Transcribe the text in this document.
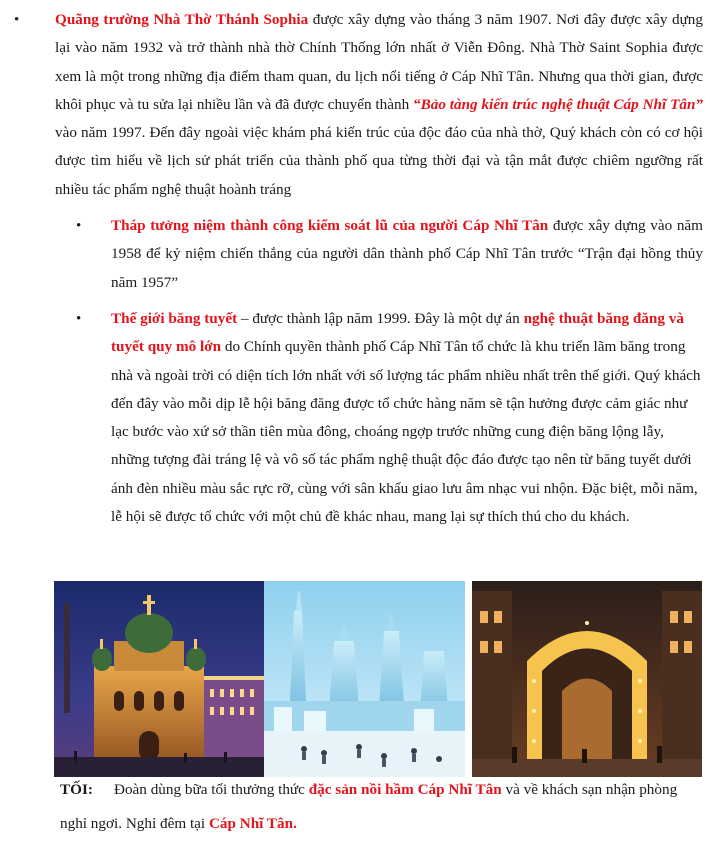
• Quãng trường Nhà Thờ Thánh Sophia được xây dựng vào tháng 3 năm 1907. Nơi đây được xây dựng lại vào năm 1932 và trở thành nhà thờ Chính Thống lớn nhất ở Viễn Đông. Nhà Thờ Saint Sophia được xem là một trong những địa điểm tham quan, du lịch nổi tiếng ở Cáp Nhĩ Tân. Nhưng qua thời gian, được khôi phục và tu sửa lại nhiều lần và đã được chuyển thành “Bảo tàng kiến trúc nghệ thuật Cáp Nhĩ Tân” vào năm 1997. Đến đây ngoài việc khám phá kiến trúc của độc đáo của nhà thờ, Quý khách còn có cơ hội được tìm hiểu về lịch sử phát triển của thành phố qua từng thời đại và tận mắt được chiêm ngưỡng rất nhiều tác phẩm nghệ thuật hoành tráng

• Tháp tưởng niệm thành công kiểm soát lũ của người Cáp Nhĩ Tân được xây dựng vào năm 1958 để kỷ niệm chiến thắng của người dân thành phố Cáp Nhĩ Tân trước “Trận đại hồng thủy năm 1957”

• Thế giới băng tuyết – được thành lập năm 1999. Đây là một dự án nghệ thuật băng đăng và tuyết quy mô lớn do Chính quyền thành phố Cáp Nhĩ Tân tổ chức là khu triển lãm băng trong nhà và ngoài trời có diện tích lớn nhất với số lượng tác phẩm nhiều nhất trên thế giới. Quý khách đến đây vào mỗi dịp lễ hội băng đăng được tổ chức hàng năm sẽ tận hưởng được cảm giác như lạc bước vào xứ sở thần tiên mùa đông, choáng ngợp trước những cung điện băng lộng lẫy, những tượng đài tráng lệ và vô số tác phẩm nghệ thuật độc đáo được tạo nên từ băng tuyết dưới ánh đèn nhiều màu sắc rực rỡ, cùng với sân khấu giao lưu âm nhạc vui nhộn. Đặc biệt, mỗi năm, lễ hội sẽ được tổ chức với một chủ đề khác nhau, mang lại sự thích thú cho du khách.

TỐI: Đoàn dùng bữa tối thưởng thức đặc sản nồi hầm Cáp Nhĩ Tân và về khách sạn nhận phòng nghỉ ngơi. Nghỉ đêm tại Cáp Nhĩ Tân.
